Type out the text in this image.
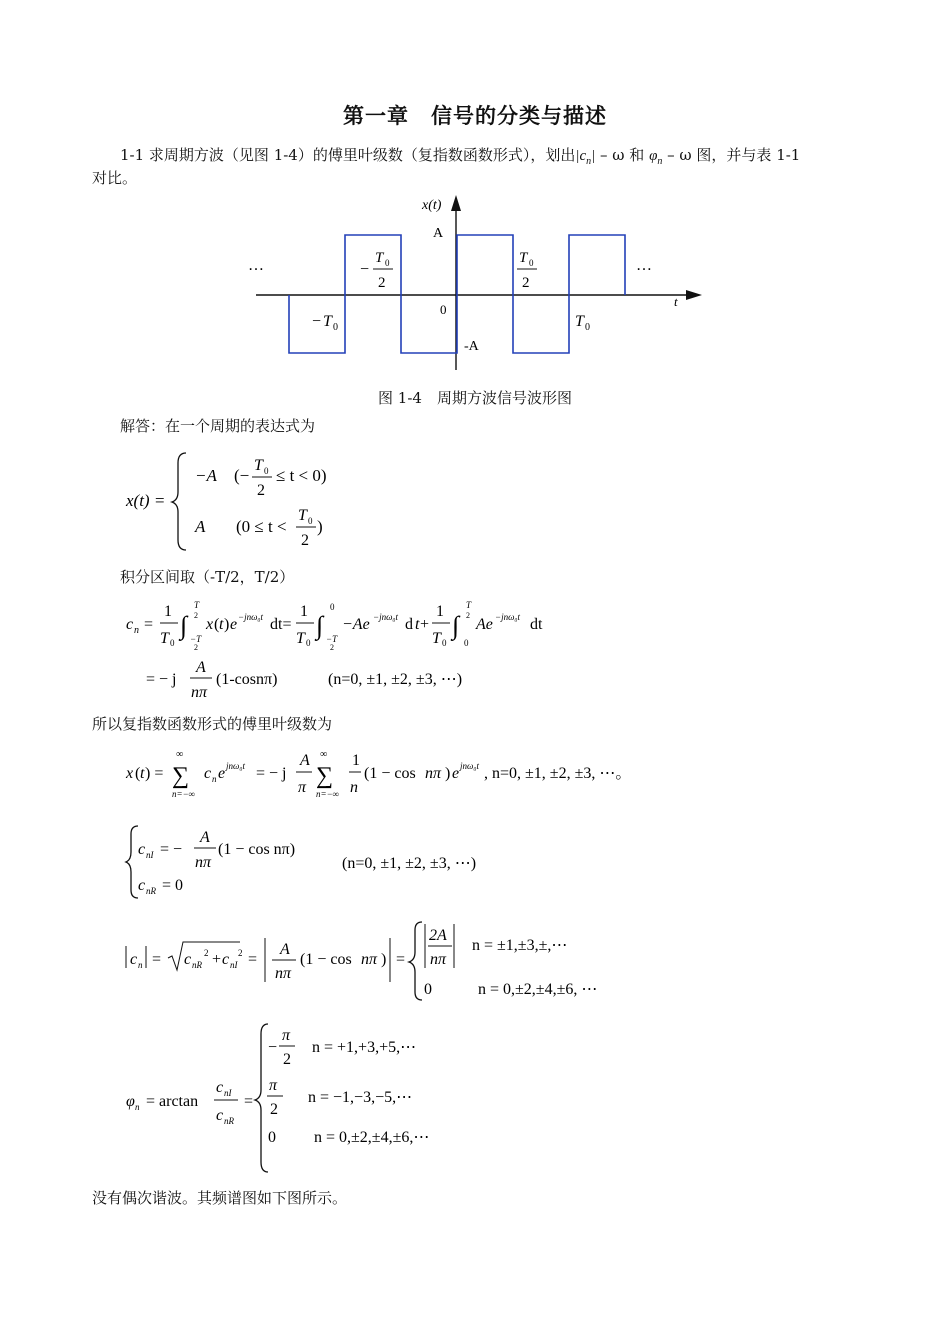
第一章　信号的分类与描述
1-1 求周期方波（见图 1-4）的傅里叶级数（复指数函数形式），划出$|c_n|$ – ω 和 $\varphi_n$ – ω 图，并与表 1-1
对比。
x(t)
t
A
-A
0
…	…
− T 0	T 0
−
T 0
2
T 0
2
图 1-4　周期方波信号波形图
解答：在一个周期的表达式为
x(t) =
−A (−
T 0
2
≤ t < 0)
A (0 ≤ t <
T 0
2
)
积分区间取（-T/2，T/2）
c n =
1
T 0
∫
T
2
−T
2
x ( t ) e −jnω₀t dt=
1
T 0
∫
0
−T
2
−Ae −jnω₀t d t +
1
T 0
∫
T
2
0
Ae −jnω₀t dt
= − j
A
nπ
(1-cosnπ)	(n=0, ±1, ±2, ±3, ⋯)
所以复指数函数形式的傅里叶级数为
x ( t ) =
∞
∑
n=−∞
c n e jnω₀t = − j
A
π
∞
∑
n=−∞
1
n
(1 − cos nπ ) e jnω₀t , n=0, ±1, ±2, ±3, ⋯。
c nI = −
A
nπ
(1 − cos nπ)
c nR = 0
(n=0, ±1, ±2, ±3, ⋯)
c n = c nR
2 + c nI
2 =
A
nπ
(1 − cos nπ ) =
2A
nπ
n = ±1,±3,±,⋯
0	n = 0,±2,±4,±6, ⋯
φ n = arctan
c nI
c nR
=
−
π
2
n = +1,+3,+5,⋯
π
2
n = −1,−3,−5,⋯
0 n = 0,±2,±4,±6,⋯
没有偶次谐波。其频谱图如下图所示。
